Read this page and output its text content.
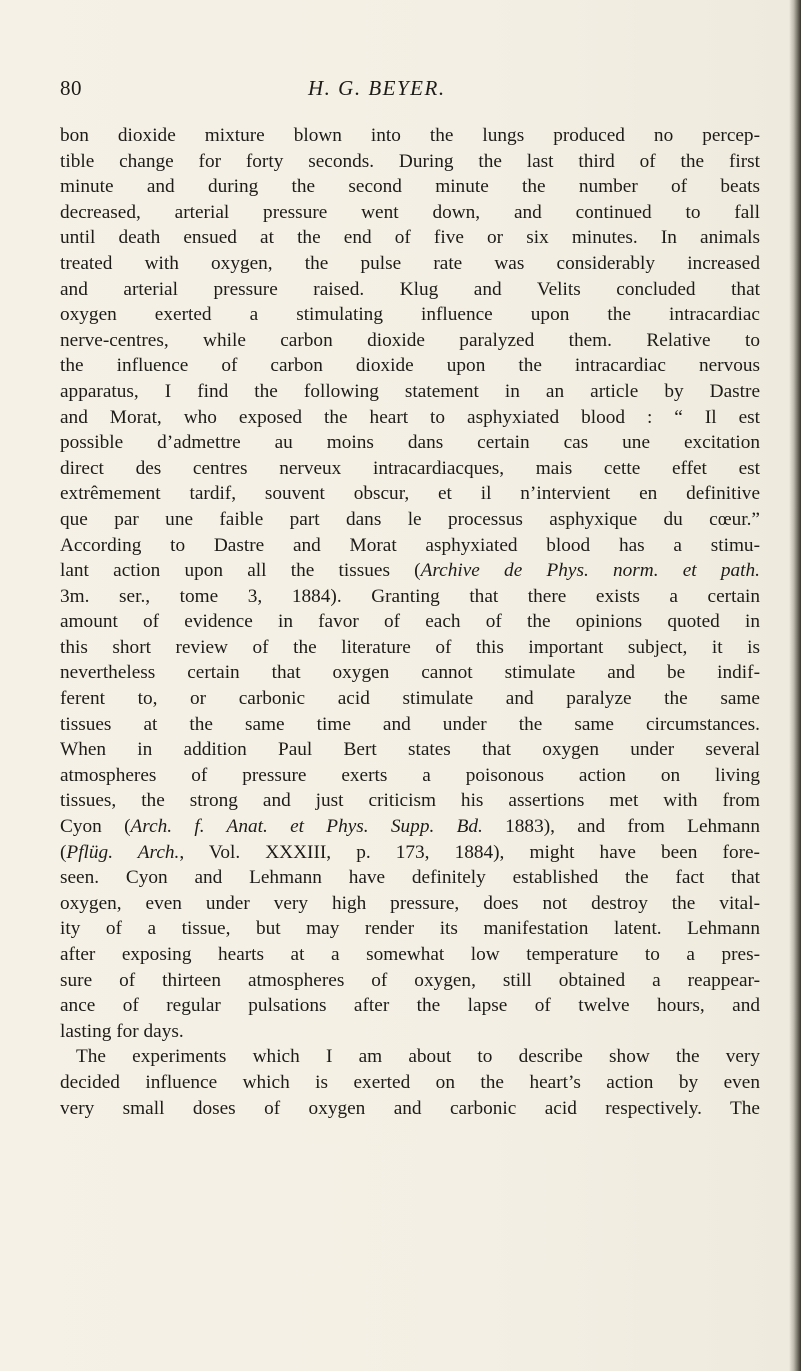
80	H. G. BEYER.
bon dioxide mixture blown into the lungs produced no percep-
tible change for forty seconds. During the last third of the first
minute and during the second minute the number of beats
decreased, arterial pressure went down, and continued to fall
until death ensued at the end of five or six minutes. In animals
treated with oxygen, the pulse rate was considerably increased
and arterial pressure raised. Klug and Velits concluded that
oxygen exerted a stimulating influence upon the intracardiac
nerve-centres, while carbon dioxide paralyzed them. Relative to
the influence of carbon dioxide upon the intracardiac nervous
apparatus, I find the following statement in an article by Dastre
and Morat, who exposed the heart to asphyxiated blood : “ Il est
possible d’admettre au moins dans certain cas une excitation
direct des centres nerveux intracardiacques, mais cette effet est
extrêmement tardif, souvent obscur, et il n’intervient en definitive
que par une faible part dans le processus asphyxique du cœur.”
According to Dastre and Morat asphyxiated blood has a stimu-
lant action upon all the tissues (Archive de Phys. norm. et path.
3m. ser., tome 3, 1884). Granting that there exists a certain
amount of evidence in favor of each of the opinions quoted in
this short review of the literature of this important subject, it is
nevertheless certain that oxygen cannot stimulate and be indif-
ferent to, or carbonic acid stimulate and paralyze the same
tissues at the same time and under the same circumstances.
When in addition Paul Bert states that oxygen under several
atmospheres of pressure exerts a poisonous action on living
tissues, the strong and just criticism his assertions met with from
Cyon (Arch. f. Anat. et Phys. Supp. Bd. 1883), and from Lehmann
(Pflüg. Arch., Vol. XXXIII, p. 173, 1884), might have been fore-
seen. Cyon and Lehmann have definitely established the fact that
oxygen, even under very high pressure, does not destroy the vital-
ity of a tissue, but may render its manifestation latent. Lehmann
after exposing hearts at a somewhat low temperature to a pres-
sure of thirteen atmospheres of oxygen, still obtained a reappear-
ance of regular pulsations after the lapse of twelve hours, and
lasting for days.
The experiments which I am about to describe show the very
decided influence which is exerted on the heart’s action by even
very small doses of oxygen and carbonic acid respectively. The
